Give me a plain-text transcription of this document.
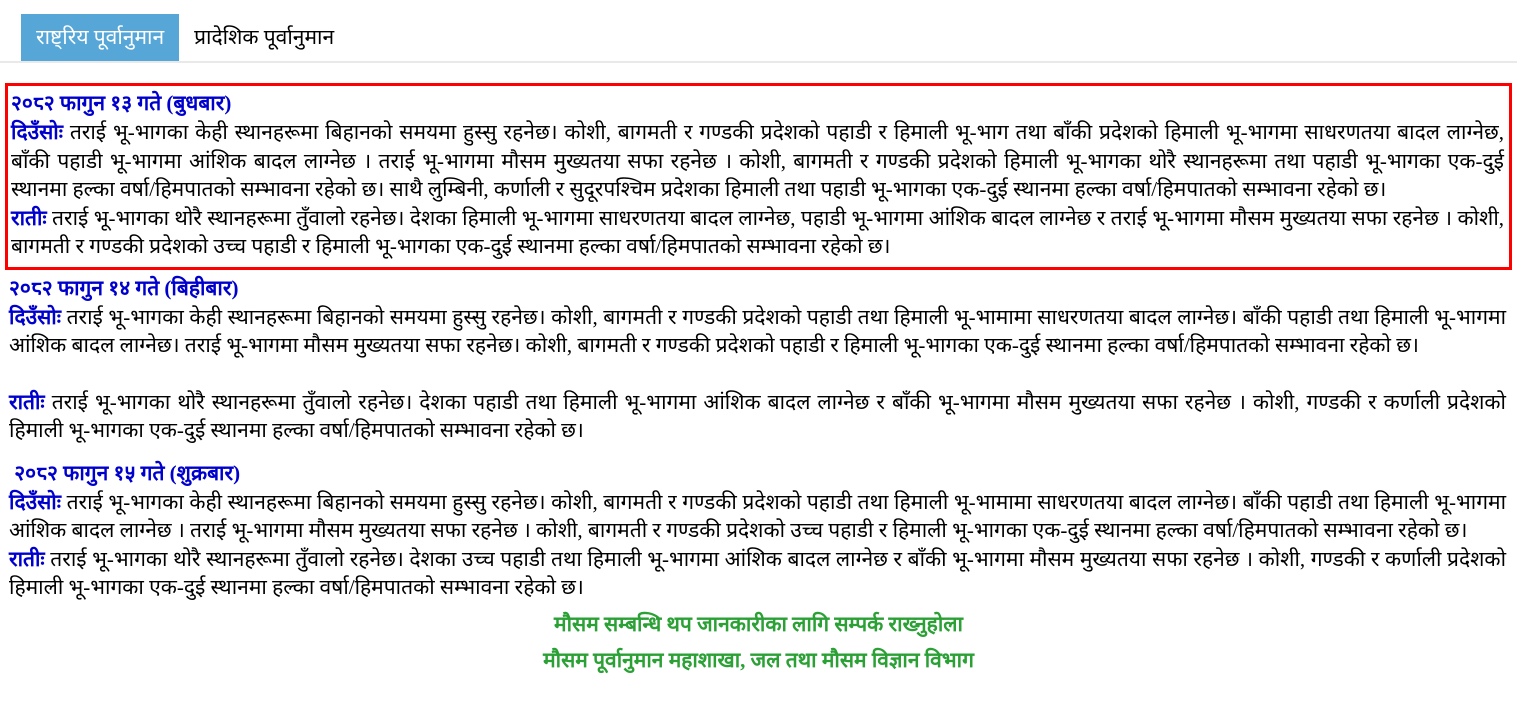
राष्ट्रिय पूर्वानुमान	प्रादेशिक पूर्वानुमान
२०८२ फागुन १३ गते (बुधबार)

दिउँसोः तराई भू-भागका केही स्थानहरूमा बिहानको समयमा हुस्सु रहनेछ। कोशी, बागमती र गण्डकी प्रदेशको पहाडी र हिमाली भू-भाग तथा बाँकी प्रदेशको हिमाली भू-भागमा साधरणतया बादल लाग्नेछ, बाँकी पहाडी भू-भागमा आंशिक बादल लाग्नेछ । तराई भू-भागमा मौसम मुख्यतया सफा रहनेछ । कोशी, बागमती र गण्डकी प्रदेशको हिमाली भू-भागका थोरै स्थानहरूमा तथा पहाडी भू-भागका एक-दुई स्थानमा हल्का वर्षा/हिमपातको सम्भावना रहेको छ। साथै लुम्बिनी, कर्णाली र सुदूरपश्चिम प्रदेशका हिमाली तथा पहाडी भू-भागका एक-दुई स्थानमा हल्का वर्षा/हिमपातको सम्भावना रहेको छ।

रातीः तराई भू-भागका थोरै स्थानहरूमा तुँवालो रहनेछ। देशका हिमाली भू-भागमा साधरणतया बादल लाग्नेछ, पहाडी भू-भागमा आंशिक बादल लाग्नेछ र तराई भू-भागमा मौसम मुख्यतया सफा रहनेछ । कोशी, बागमती र गण्डकी प्रदेशको उच्च पहाडी र हिमाली भू-भागका एक-दुई स्थानमा हल्का वर्षा/हिमपातको सम्भावना रहेको छ।

२०८२ फागुन १४ गते (बिहीबार)

दिउँसोः तराई भू-भागका केही स्थानहरूमा बिहानको समयमा हुस्सु रहनेछ। कोशी, बागमती र गण्डकी प्रदेशको पहाडी तथा हिमाली भू-भामामा साधरणतया बादल लाग्नेछ। बाँकी पहाडी तथा हिमाली भू-भागमा आंशिक बादल लाग्नेछ। तराई भू-भागमा मौसम मुख्यतया सफा रहनेछ। कोशी, बागमती र गण्डकी प्रदेशको पहाडी र हिमाली भू-भागका एक-दुई स्थानमा हल्का वर्षा/हिमपातको सम्भावना रहेको छ।

रातीः तराई भू-भागका थोरै स्थानहरूमा तुँवालो रहनेछ। देशका पहाडी तथा हिमाली भू-भागमा आंशिक बादल लाग्नेछ र बाँकी भू-भागमा मौसम मुख्यतया सफा रहनेछ । कोशी, गण्डकी र कर्णाली प्रदेशको हिमाली भू-भागका एक-दुई स्थानमा हल्का वर्षा/हिमपातको सम्भावना रहेको छ।

२०८२ फागुन १५ गते (शुक्रबार)

दिउँसोः तराई भू-भागका केही स्थानहरूमा बिहानको समयमा हुस्सु रहनेछ। कोशी, बागमती र गण्डकी प्रदेशको पहाडी तथा हिमाली भू-भामामा साधरणतया बादल लाग्नेछ। बाँकी पहाडी तथा हिमाली भू-भागमा आंशिक बादल लाग्नेछ । तराई भू-भागमा मौसम मुख्यतया सफा रहनेछ । कोशी, बागमती र गण्डकी प्रदेशको उच्च पहाडी र हिमाली भू-भागका एक-दुई स्थानमा हल्का वर्षा/हिमपातको सम्भावना रहेको छ।

रातीः तराई भू-भागका थोरै स्थानहरूमा तुँवालो रहनेछ। देशका उच्च पहाडी तथा हिमाली भू-भागमा आंशिक बादल लाग्नेछ र बाँकी भू-भागमा मौसम मुख्यतया सफा रहनेछ । कोशी, गण्डकी र कर्णाली प्रदेशको हिमाली भू-भागका एक-दुई स्थानमा हल्का वर्षा/हिमपातको सम्भावना रहेको छ।

मौसम सम्बन्धि थप जानकारीका लागि सम्पर्क राख्नुहोला

मौसम पूर्वानुमान महाशाखा, जल तथा मौसम विज्ञान विभाग
